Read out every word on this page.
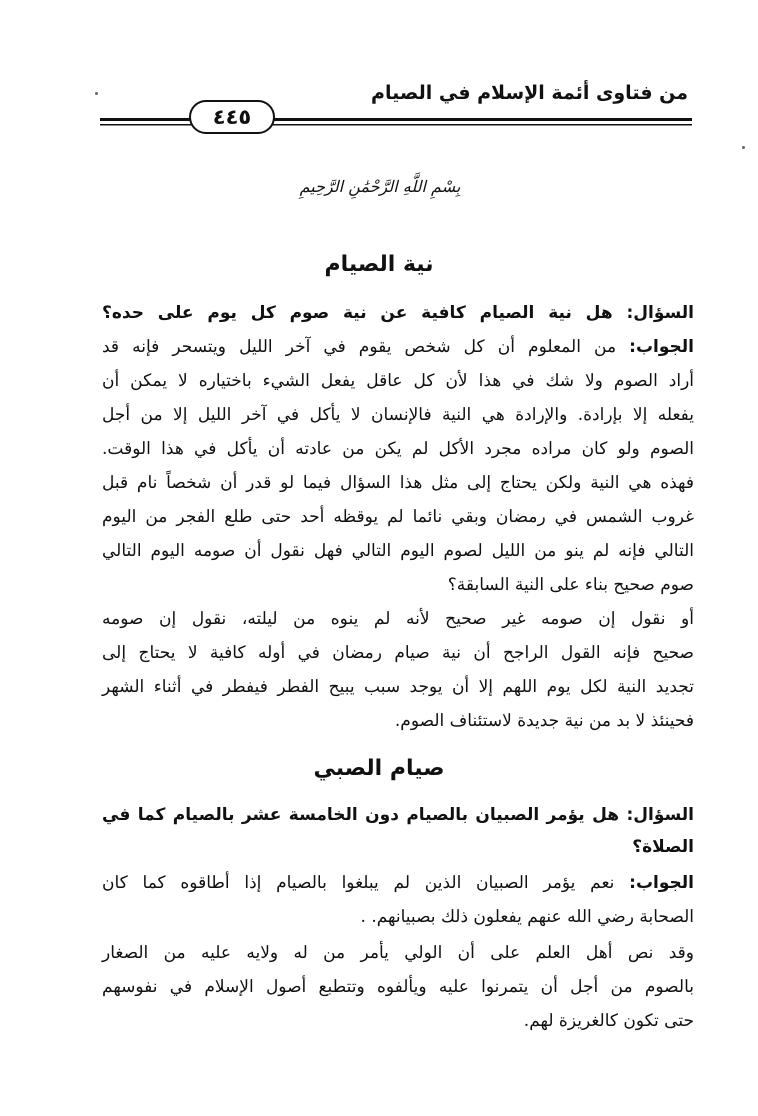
من فتاوى أئمة الإسلام في الصيام
٤٤٥
بِسْمِ اللَّهِ الرَّحْمَٰنِ الرَّحِيمِ
نية الصيام
السؤال: هل نية الصيام كافية عن نية صوم كل يوم على حده؟
الجواب: من المعلوم أن كل شخص يقوم في آخر الليل ويتسحر فإنه قد
أراد الصوم ولا شك في هذا لأن كل عاقل يفعل الشيء باختياره لا يمكن أن
يفعله إلا بإرادة. والإرادة هي النية فالإنسان لا يأكل في آخر الليل إلا من أجل
الصوم ولو كان مراده مجرد الأكل لم يكن من عادته أن يأكل في هذا الوقت.
فهذه هي النية ولكن يحتاج إلى مثل هذا السؤال فيما لو قدر أن شخصاً نام قبل
غروب الشمس في رمضان وبقي نائما لم يوقظه أحد حتى طلع الفجر من اليوم
التالي فإنه لم ينو من الليل لصوم اليوم التالي فهل نقول أن صومه اليوم التالي
صوم صحيح بناء على النية السابقة؟
أو نقول إن صومه غير صحيح لأنه لم ينوه من ليلته، نقول إن صومه
صحيح فإنه القول الراجح أن نية صيام رمضان في أوله كافية لا يحتاج إلى
تجديد النية لكل يوم اللهم إلا أن يوجد سبب يبيح الفطر فيفطر في أثناء الشهر
فحينئذ لا بد من نية جديدة لاستئناف الصوم.
صيام الصبي
السؤال: هل يؤمر الصبيان بالصيام دون الخامسة عشر بالصيام كما في
الصلاة؟
الجواب: نعم يؤمر الصبيان الذين لم يبلغوا بالصيام إذا أطاقوه كما كان
الصحابة رضي الله عنهم يفعلون ذلك بصبيانهم. .
وقد نص أهل العلم على أن الولي يأمر من له ولايه عليه من الصغار
بالصوم من أجل أن يتمرنوا عليه ويألفوه وتتطبع أصول الإسلام في نفوسهم
حتى تكون كالغريزة لهم.
